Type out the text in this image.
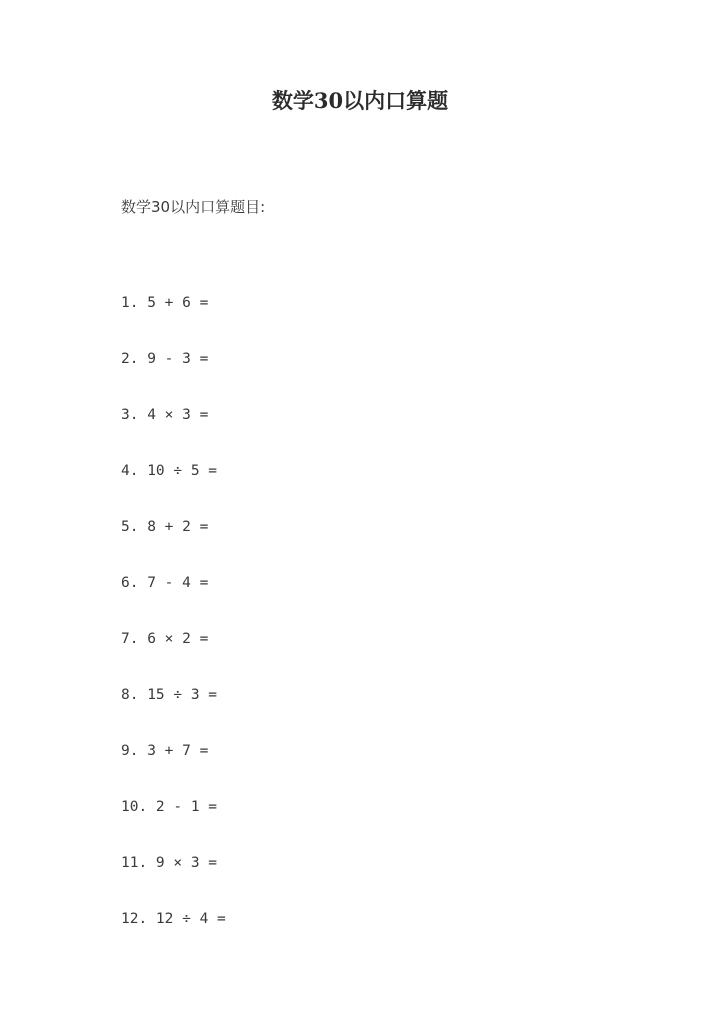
数学30以内口算题

数学30以内口算题目:

1. 5 + 6 =
2. 9 - 3 =
3. 4 × 3 =
4. 10 ÷ 5 =
5. 8 + 2 =
6. 7 - 4 =
7. 6 × 2 =
8. 15 ÷ 3 =
9. 3 + 7 =
10. 2 - 1 =
11. 9 × 3 =
12. 12 ÷ 4 =
